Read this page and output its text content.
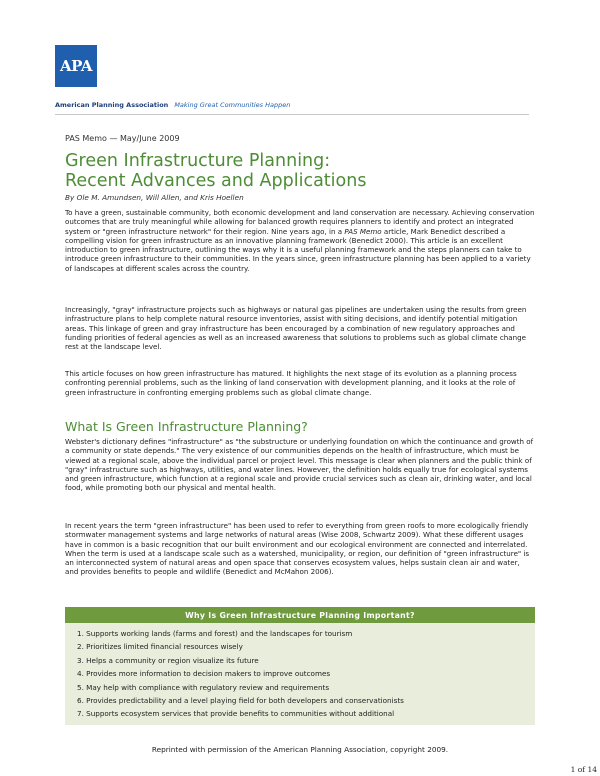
APA
American Planning Association Making Great Communities Happen
PAS Memo — May/June 2009
Green Infrastructure Planning:
Recent Advances and Applications
By Ole M. Amundsen, Will Allen, and Kris Hoellen

To have a green, sustainable community, both economic development and land conservation are necessary. Achieving conservation outcomes that are truly meaningful while allowing for balanced growth requires planners to identify and protect an integrated system or "green infrastructure network" for their region. Nine years ago, in a PAS Memo article, Mark Benedict described a compelling vision for green infrastructure as an innovative planning framework (Benedict 2000). This article is an excellent introduction to green infrastructure, outlining the ways why it is a useful planning framework and the steps planners can take to introduce green infrastructure to their communities. In the years since, green infrastructure planning has been applied to a variety of landscapes at different scales across the country.

Increasingly, "gray" infrastructure projects such as highways or natural gas pipelines are undertaken using the results from green infrastructure plans to help complete natural resource inventories, assist with siting decisions, and identify potential mitigation areas. This linkage of green and gray infrastructure has been encouraged by a combination of new regulatory approaches and funding priorities of federal agencies as well as an increased awareness that solutions to problems such as global climate change rest at the landscape level.

This article focuses on how green infrastructure has matured. It highlights the next stage of its evolution as a planning process confronting perennial problems, such as the linking of land conservation with development planning, and it looks at the role of green infrastructure in confronting emerging problems such as global climate change.

What Is Green Infrastructure Planning?

Webster's dictionary defines "infrastructure" as "the substructure or underlying foundation on which the continuance and growth of a community or state depends." The very existence of our communities depends on the health of infrastructure, which must be viewed at a regional scale, above the individual parcel or project level. This message is clear when planners and the public think of "gray" infrastructure such as highways, utilities, and water lines. However, the definition holds equally true for ecological systems and green infrastructure, which function at a regional scale and provide crucial services such as clean air, drinking water, and local food, while promoting both our physical and mental health.

In recent years the term "green infrastructure" has been used to refer to everything from green roofs to more ecologically friendly stormwater management systems and large networks of natural areas (Wise 2008, Schwartz 2009). What these different usages have in common is a basic recognition that our built environment and our ecological environment are connected and interrelated. When the term is used at a landscape scale such as a watershed, municipality, or region, our definition of "green infrastructure" is an interconnected system of natural areas and open space that conserves ecosystem values, helps sustain clean air and water, and provides benefits to people and wildlife (Benedict and McMahon 2006).

Why Is Green Infrastructure Planning Important?
1. Supports working lands (farms and forest) and the landscapes for tourism
2. Prioritizes limited financial resources wisely
3. Helps a community or region visualize its future
4. Provides more information to decision makers to improve outcomes
5. May help with compliance with regulatory review and requirements
6. Provides predictability and a level playing field for both developers and conservationists
7. Supports ecosystem services that provide benefits to communities without additional
Reprinted with permission of the American Planning Association, copyright 2009.
1 of 14
